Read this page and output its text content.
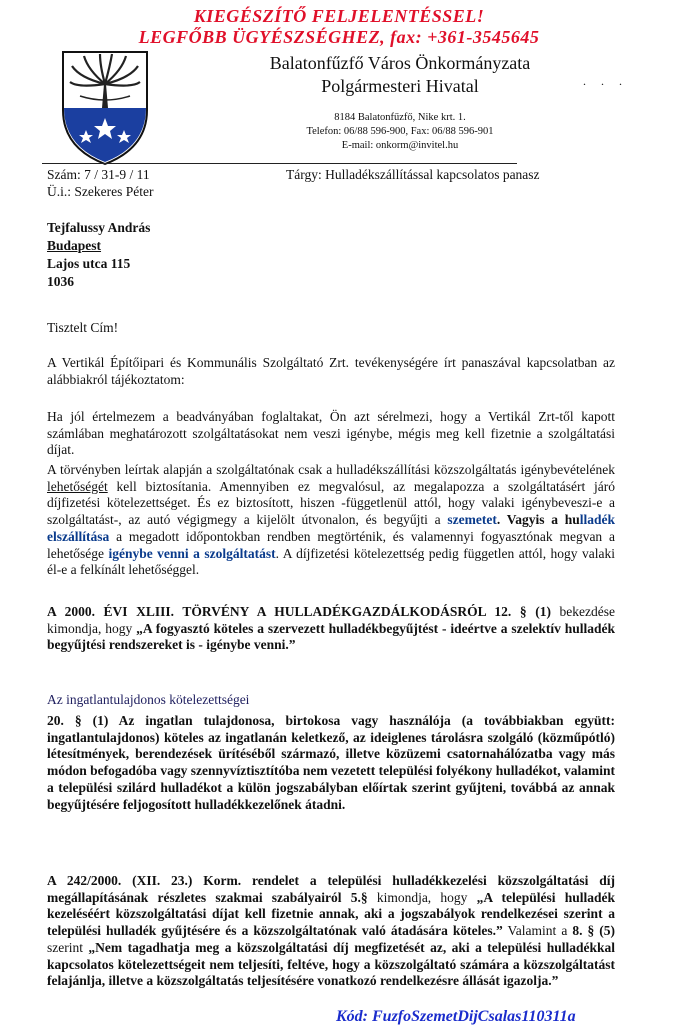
KIEGÉSZÍTŐ FELJELENTÉSSEL!
LEGFŐBB ÜGYÉSZSÉGHEZ, fax: +361-3545645
Balatonfűzfő Város Önkormányzata
Polgármesteri Hivatal	. . .
8184 Balatonfűzfő, Nike krt. 1.
Telefon: 06/88 596-900, Fax: 06/88 596-901
E-mail: onkorm@invitel.hu
Szám: 7 / 31-9 / 11
Ü.i.: Szekeres Péter
Tárgy: Hulladékszállítással kapcsolatos panasz
Tejfalussy András
Budapest
Lajos utca 115
1036
Tisztelt Cím!
A Vertikál Építőipari és Kommunális Szolgáltató Zrt. tevékenységére írt panaszával kapcsolatban az alábbiakról tájékoztatom:
Ha jól értelmezem a beadványában foglaltakat, Ön azt sérelmezi, hogy a Vertikál Zrt-től kapott számlában meghatározott szolgáltatásokat nem veszi igénybe, mégis meg kell fizetnie a szolgáltatási díjat.
A törvényben leírtak alapján a szolgáltatónak csak a hulladékszállítási közszolgáltatás igénybevételének lehetőségét kell biztosítania. Amennyiben ez megvalósul, az megalapozza a szolgáltatásért járó díjfizetési kötelezettséget. És ez biztosított, hiszen -függetlenül attól, hogy valaki igénybeveszi-e a szolgáltatást-, az autó végigmegy a kijelölt útvonalon, és begyűjti a szemetet. Vagyis a hulladék elszállítása a megadott időpontokban rendben megtörténik, és valamennyi fogyasztónak megvan a lehetősége igénybe venni a szolgáltatást. A díjfizetési kötelezettség pedig független attól, hogy valaki él-e a felkínált lehetőséggel.
A 2000. ÉVI XLIII. TÖRVÉNY A HULLADÉKGAZDÁLKODÁSRÓL 12. § (1) bekezdése kimondja, hogy „A fogyasztó köteles a szervezett hulladékbegyűjtést - ideértve a szelektív hulladék begyűjtési rendszereket is - igénybe venni.”
Az ingatlantulajdonos kötelezettségei
20. § (1) Az ingatlan tulajdonosa, birtokosa vagy használója (a továbbiakban együtt: ingatlantulajdonos) köteles az ingatlanán keletkező, az ideiglenes tárolásra szolgáló (közműpótló) létesítmények, berendezések ürítéséből származó, illetve közüzemi csatornahálózatba vagy más módon befogadóba vagy szennyvíztisztítóba nem vezetett települési folyékony hulladékot, valamint a települési szilárd hulladékot a külön jogszabályban előírtak szerint gyűjteni, továbbá az annak begyűjtésére feljogosított hulladékkezelőnek átadni.
A 242/2000. (XII. 23.) Korm. rendelet a települési hulladékkezelési közszolgáltatási díj megállapításának részletes szakmai szabályairól 5.§ kimondja, hogy „A települési hulladék kezeléséért közszolgáltatási díjat kell fizetnie annak, aki a jogszabályok rendelkezései szerint a települési hulladék gyűjtésére és a közszolgáltatónak való átadására köteles.” Valamint a 8. § (5) szerint „Nem tagadhatja meg a közszolgáltatási díj megfizetését az, aki a települési hulladékkal kapcsolatos kötelezettségeit nem teljesíti, feltéve, hogy a közszolgáltató számára a közszolgáltatást felajánlja, illetve a közszolgáltatás teljesítésére vonatkozó rendelkezésre állását igazolja.”
Kód: FuzfoSzemetDijCsalas110311a
